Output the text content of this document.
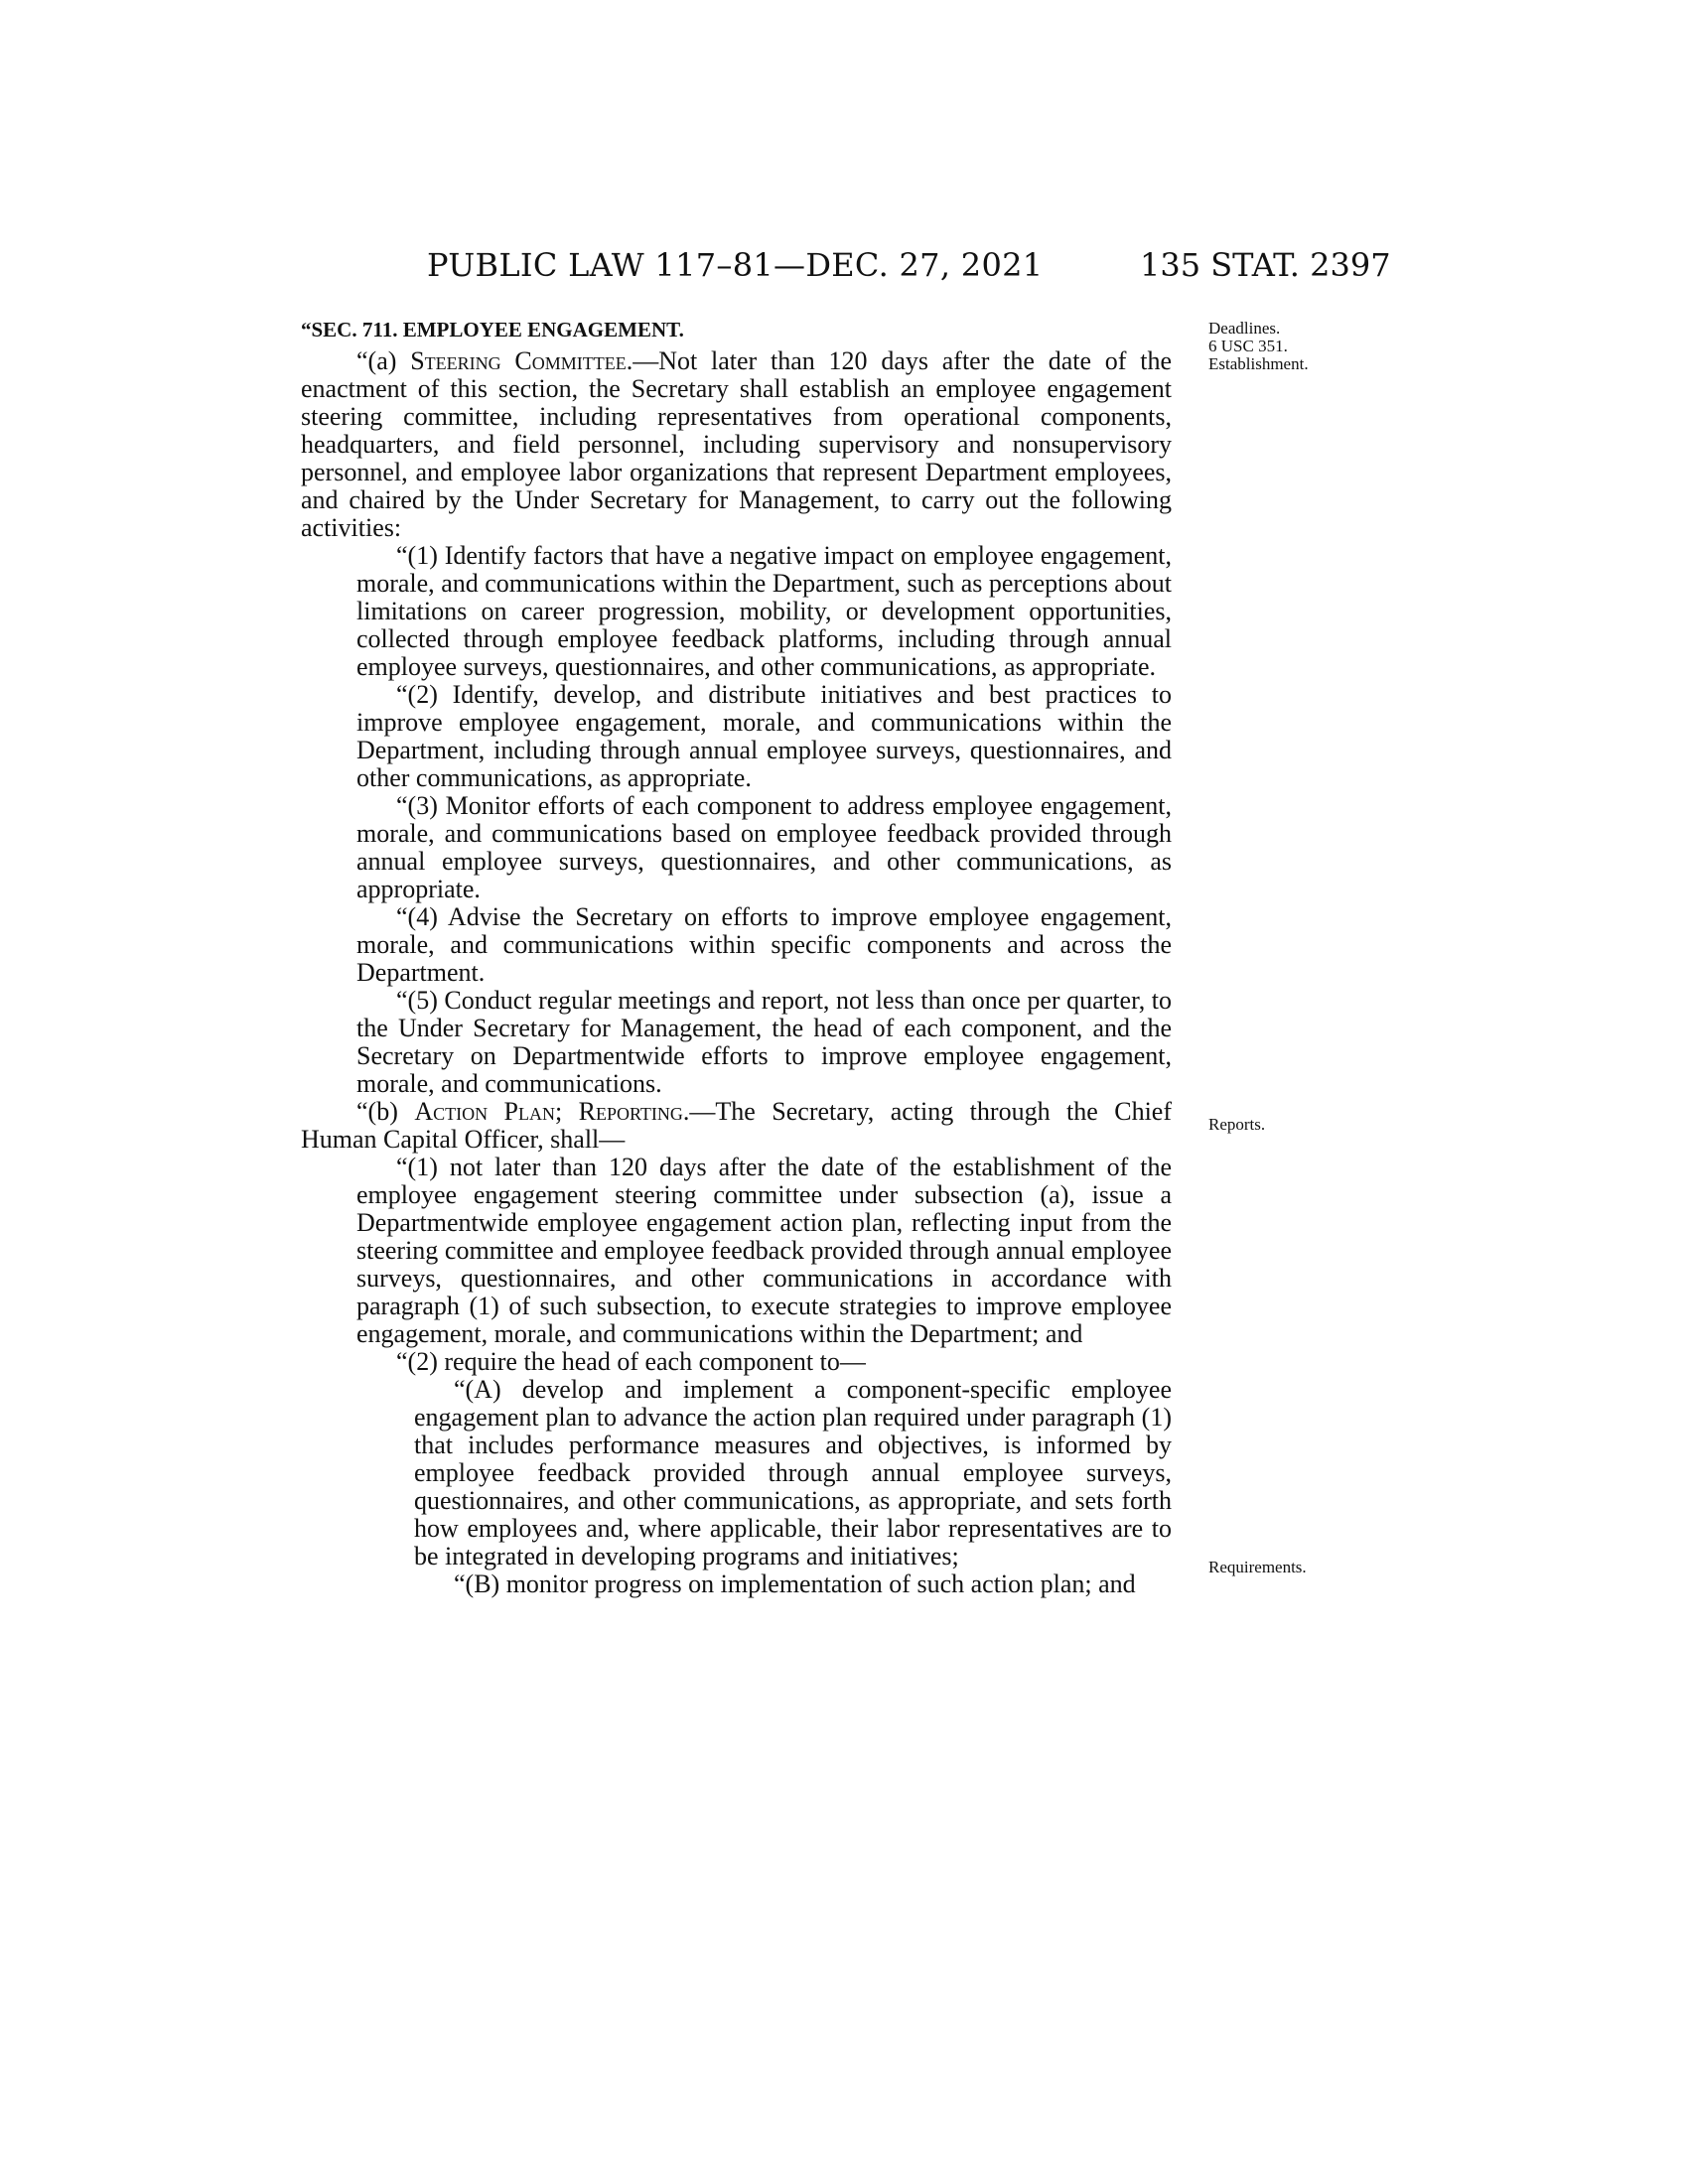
PUBLIC LAW 117–81—DEC. 27, 2021	135 STAT. 2397
“SEC. 711. EMPLOYEE ENGAGEMENT.	Deadlines.
6 USC 351.
Establishment.
Reports.
Requirements.

“(a) Steering Committee.—Not later than 120 days after the date of the enactment of this section, the Secretary shall establish an employee engagement steering committee, including representatives from operational components, headquarters, and field personnel, including supervisory and nonsupervisory personnel, and employee labor organizations that represent Department employees, and chaired by the Under Secretary for Management, to carry out the following activities:

“(1) Identify factors that have a negative impact on employee engagement, morale, and communications within the Department, such as perceptions about limitations on career progression, mobility, or development opportunities, collected through employee feedback platforms, including through annual employee surveys, questionnaires, and other communications, as appropriate.

“(2) Identify, develop, and distribute initiatives and best practices to improve employee engagement, morale, and communications within the Department, including through annual employee surveys, questionnaires, and other communications, as appropriate.

“(3) Monitor efforts of each component to address employee engagement, morale, and communications based on employee feedback provided through annual employee surveys, questionnaires, and other communications, as appropriate.

“(4) Advise the Secretary on efforts to improve employee engagement, morale, and communications within specific components and across the Department.

“(5) Conduct regular meetings and report, not less than once per quarter, to the Under Secretary for Management, the head of each component, and the Secretary on Departmentwide efforts to improve employee engagement, morale, and communications.

“(b) Action Plan; Reporting.—The Secretary, acting through the Chief Human Capital Officer, shall—

“(1) not later than 120 days after the date of the establishment of the employee engagement steering committee under subsection (a), issue a Departmentwide employee engagement action plan, reflecting input from the steering committee and employee feedback provided through annual employee surveys, questionnaires, and other communications in accordance with paragraph (1) of such subsection, to execute strategies to improve employee engagement, morale, and communications within the Department; and

“(2) require the head of each component to—

“(A) develop and implement a component-specific employee engagement plan to advance the action plan required under paragraph (1) that includes performance measures and objectives, is informed by employee feedback provided through annual employee surveys, questionnaires, and other communications, as appropriate, and sets forth how employees and, where applicable, their labor representatives are to be integrated in developing programs and initiatives;

“(B) monitor progress on implementation of such action plan; and
